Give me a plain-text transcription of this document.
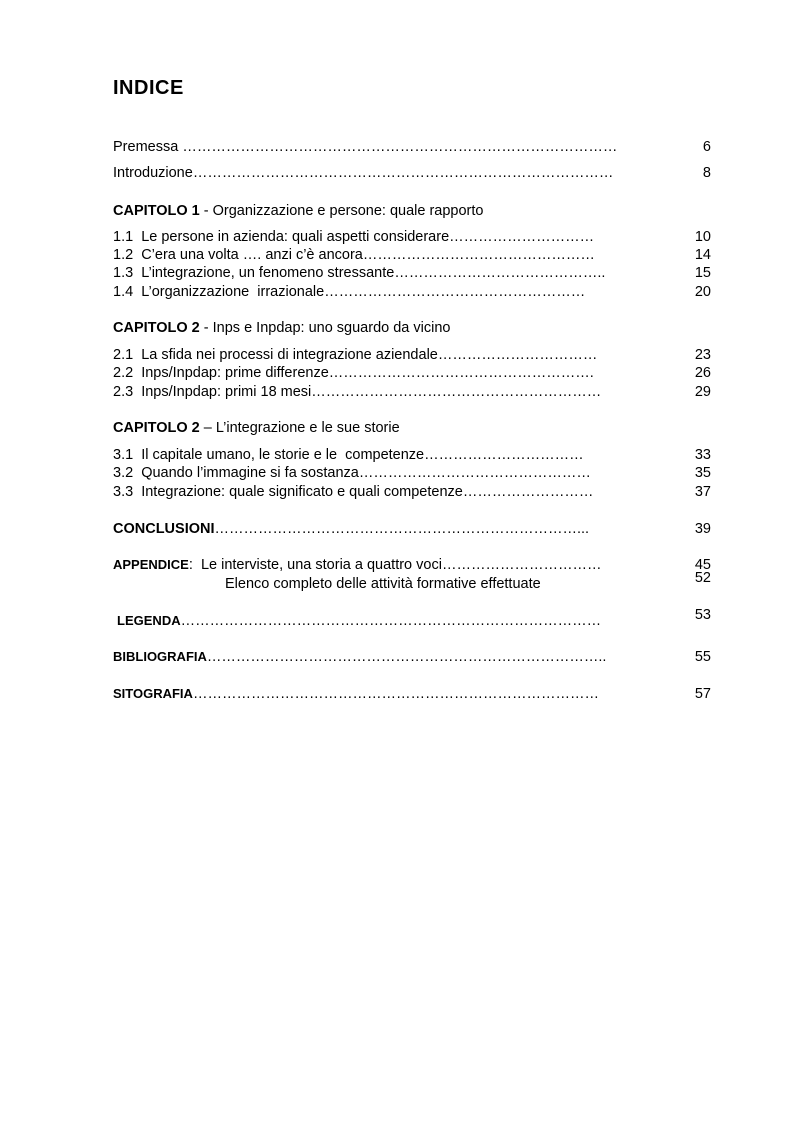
INDICE
Premessa ………………………………………………………………………………	6
Introduzione……………………………………………………………………………	8
CAPITOLO 1 - Organizzazione e persone: quale rapporto
1.1  Le persone in azienda: quali aspetti considerare…………………………	10
1.2  C’era una volta …. anzi c’è ancora…………………………………………	14
1.3  L’integrazione, un fenomeno stressante……………………………………..	15
1.4  L’organizzazione  irrazionale………………………………………………	20
CAPITOLO 2 - Inps e Inpdap: uno sguardo da vicino
2.1  La sfida nei processi di integrazione aziendale……………………………	23
2.2  Inps/Inpdap: prime differenze……………………………………………….	26
2.3  Inps/Inpdap: primi 18 mesi……………………………………………………	29
CAPITOLO 2 – L’integrazione e le sue storie
3.1  Il capitale umano, le storie e le  competenze……………………………	33
3.2  Quando l’immagine si fa sostanza…………………………………………	35
3.3  Integrazione: quale significato e quali competenze………………………	37
CONCLUSIONI…………………………………………………………………...	39
APPENDICE:  Le interviste, una storia a quattro voci……………………………	45
Elenco completo delle attività formative effettuate	52
LEGENDA……………………………………………………………………………	53
BIBLIOGRAFIA………………………………………………………………………..	55
SITOGRAFIA…………………………………………………………………………	57
